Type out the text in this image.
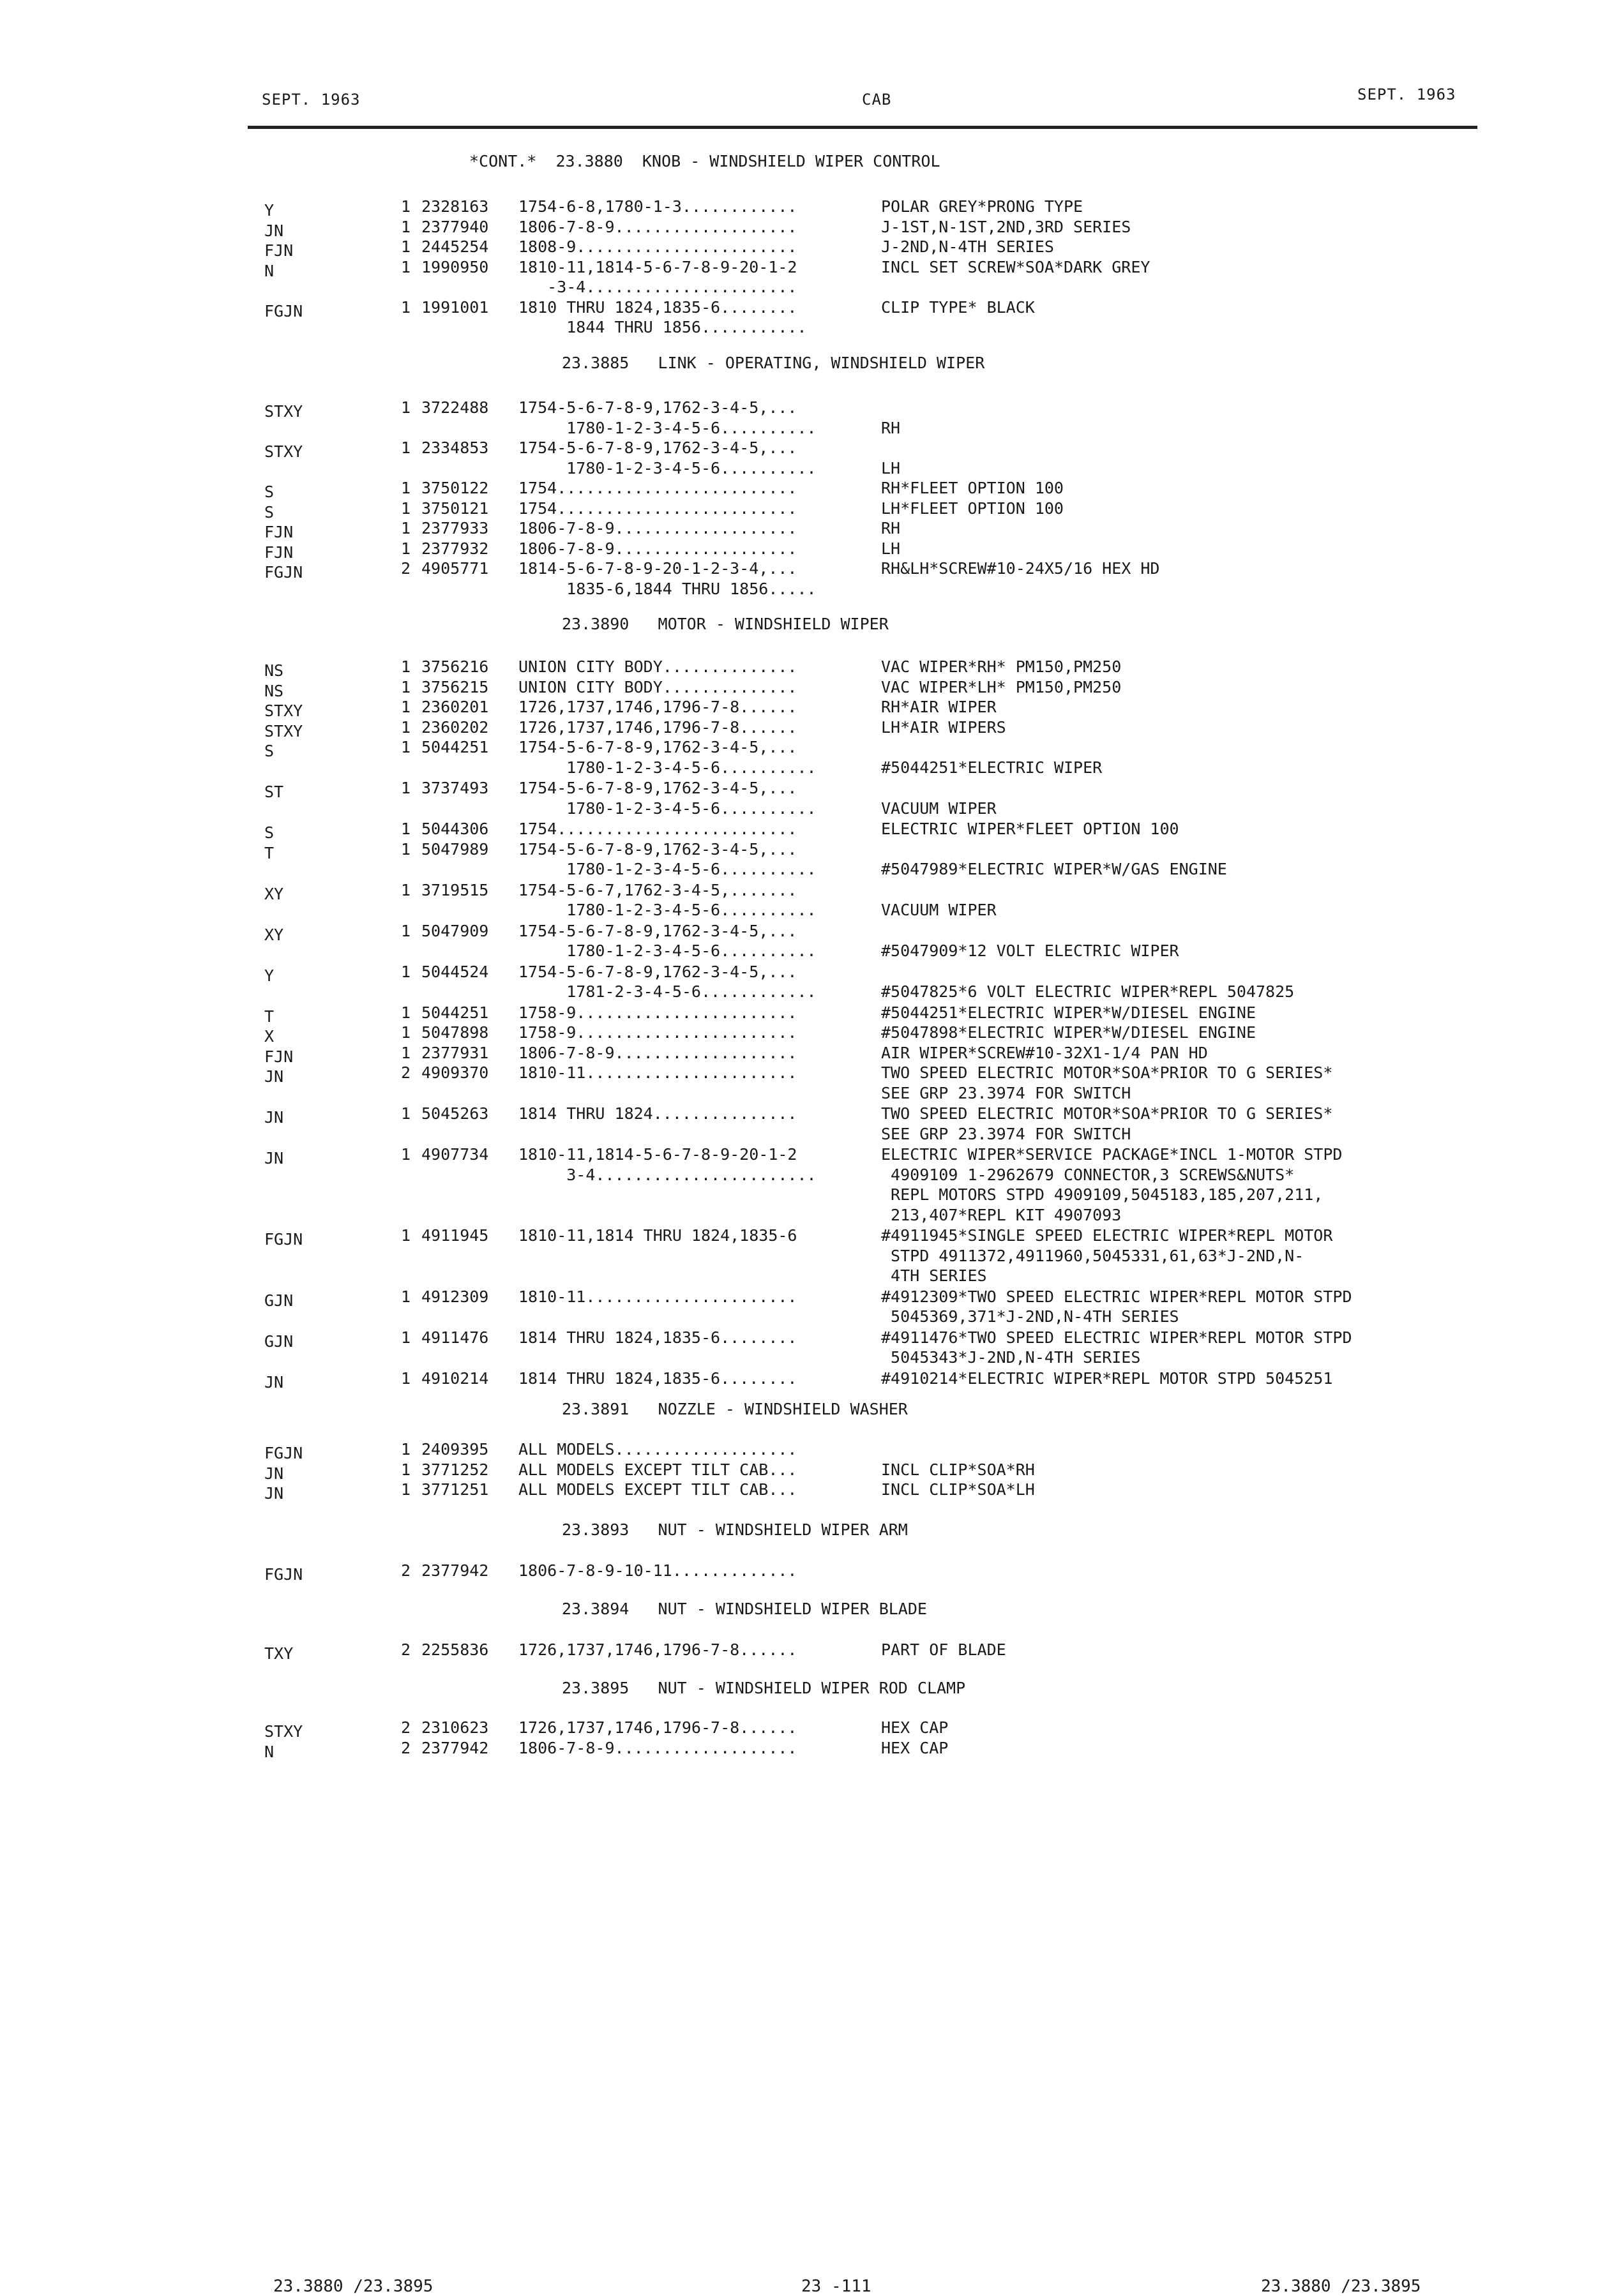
SEPT. 1963	CAB	SEPT. 1963
*CONT.*  23.3880  KNOB - WINDSHIELD WIPER CONTROL
Y	1 2328163 1754-6-8,1780-1-3............	POLAR GREY*PRONG TYPE
JN	1 2377940 1806-7-8-9...................	J-1ST,N-1ST,2ND,3RD SERIES
FJN	1 2445254 1808-9.......................	J-2ND,N-4TH SERIES
N	1 1990950 1810-11,1814-5-6-7-8-9-20-1-2	INCL SET SCREW*SOA*DARK GREY
-3-4......................
FGJN	1 1991001 1810 THRU 1824,1835-6........	CLIP TYPE* BLACK
1844 THRU 1856...........
23.3885   LINK - OPERATING, WINDSHIELD WIPER
STXY	1 3722488 1754-5-6-7-8-9,1762-3-4-5,...
1780-1-2-3-4-5-6..........	RH
STXY	1 2334853 1754-5-6-7-8-9,1762-3-4-5,...
1780-1-2-3-4-5-6..........	LH
S	1 3750122 1754.........................	RH*FLEET OPTION 100
S	1 3750121 1754.........................	LH*FLEET OPTION 100
FJN	1 2377933 1806-7-8-9...................	RH
FJN	1 2377932 1806-7-8-9...................	LH
FGJN	2 4905771 1814-5-6-7-8-9-20-1-2-3-4,...	RH&LH*SCREW#10-24X5/16 HEX HD
1835-6,1844 THRU 1856.....
23.3890   MOTOR - WINDSHIELD WIPER
NS	1 3756216 UNION CITY BODY..............	VAC WIPER*RH* PM150,PM250
NS	1 3756215 UNION CITY BODY..............	VAC WIPER*LH* PM150,PM250
STXY	1 2360201 1726,1737,1746,1796-7-8......	RH*AIR WIPER
STXY	1 2360202 1726,1737,1746,1796-7-8......	LH*AIR WIPERS
S	1 5044251 1754-5-6-7-8-9,1762-3-4-5,...
1780-1-2-3-4-5-6..........	#5044251*ELECTRIC WIPER
ST	1 3737493 1754-5-6-7-8-9,1762-3-4-5,...
1780-1-2-3-4-5-6..........	VACUUM WIPER
S	1 5044306 1754.........................	ELECTRIC WIPER*FLEET OPTION 100
T	1 5047989 1754-5-6-7-8-9,1762-3-4-5,...
1780-1-2-3-4-5-6..........	#5047989*ELECTRIC WIPER*W/GAS ENGINE
XY	1 3719515 1754-5-6-7,1762-3-4-5,.......
1780-1-2-3-4-5-6..........	VACUUM WIPER
XY	1 5047909 1754-5-6-7-8-9,1762-3-4-5,...
1780-1-2-3-4-5-6..........	#5047909*12 VOLT ELECTRIC WIPER
Y	1 5044524 1754-5-6-7-8-9,1762-3-4-5,...
1781-2-3-4-5-6............	#5047825*6 VOLT ELECTRIC WIPER*REPL 5047825
T	1 5044251 1758-9.......................	#5044251*ELECTRIC WIPER*W/DIESEL ENGINE
X	1 5047898 1758-9.......................	#5047898*ELECTRIC WIPER*W/DIESEL ENGINE
FJN	1 2377931 1806-7-8-9...................	AIR WIPER*SCREW#10-32X1-1/4 PAN HD
JN	2 4909370 1810-11......................	TWO SPEED ELECTRIC MOTOR*SOA*PRIOR TO G SERIES*
SEE GRP 23.3974 FOR SWITCH
JN	1 5045263 1814 THRU 1824...............	TWO SPEED ELECTRIC MOTOR*SOA*PRIOR TO G SERIES*
SEE GRP 23.3974 FOR SWITCH
JN	1 4907734 1810-11,1814-5-6-7-8-9-20-1-2	ELECTRIC WIPER*SERVICE PACKAGE*INCL 1-MOTOR STPD
3-4.......................	4909109 1-2962679 CONNECTOR,3 SCREWS&NUTS*
REPL MOTORS STPD 4909109,5045183,185,207,211,
213,407*REPL KIT 4907093
FGJN	1 4911945 1810-11,1814 THRU 1824,1835-6	#4911945*SINGLE SPEED ELECTRIC WIPER*REPL MOTOR
STPD 4911372,4911960,5045331,61,63*J-2ND,N-
4TH SERIES
GJN	1 4912309 1810-11......................	#4912309*TWO SPEED ELECTRIC WIPER*REPL MOTOR STPD
5045369,371*J-2ND,N-4TH SERIES
GJN	1 4911476 1814 THRU 1824,1835-6........	#4911476*TWO SPEED ELECTRIC WIPER*REPL MOTOR STPD
5045343*J-2ND,N-4TH SERIES
JN	1 4910214 1814 THRU 1824,1835-6........	#4910214*ELECTRIC WIPER*REPL MOTOR STPD 5045251
23.3891   NOZZLE - WINDSHIELD WASHER
FGJN	1 2409395 ALL MODELS...................
JN	1 3771252 ALL MODELS EXCEPT TILT CAB...	INCL CLIP*SOA*RH
JN	1 3771251 ALL MODELS EXCEPT TILT CAB...	INCL CLIP*SOA*LH
23.3893   NUT - WINDSHIELD WIPER ARM
FGJN	2 2377942 1806-7-8-9-10-11.............
23.3894   NUT - WINDSHIELD WIPER BLADE
TXY	2 2255836 1726,1737,1746,1796-7-8......	PART OF BLADE
23.3895   NUT - WINDSHIELD WIPER ROD CLAMP
STXY	2 2310623 1726,1737,1746,1796-7-8......	HEX CAP
N	2 2377942 1806-7-8-9...................	HEX CAP
23.3880 /23.3895	23 -111	23.3880 /23.3895
